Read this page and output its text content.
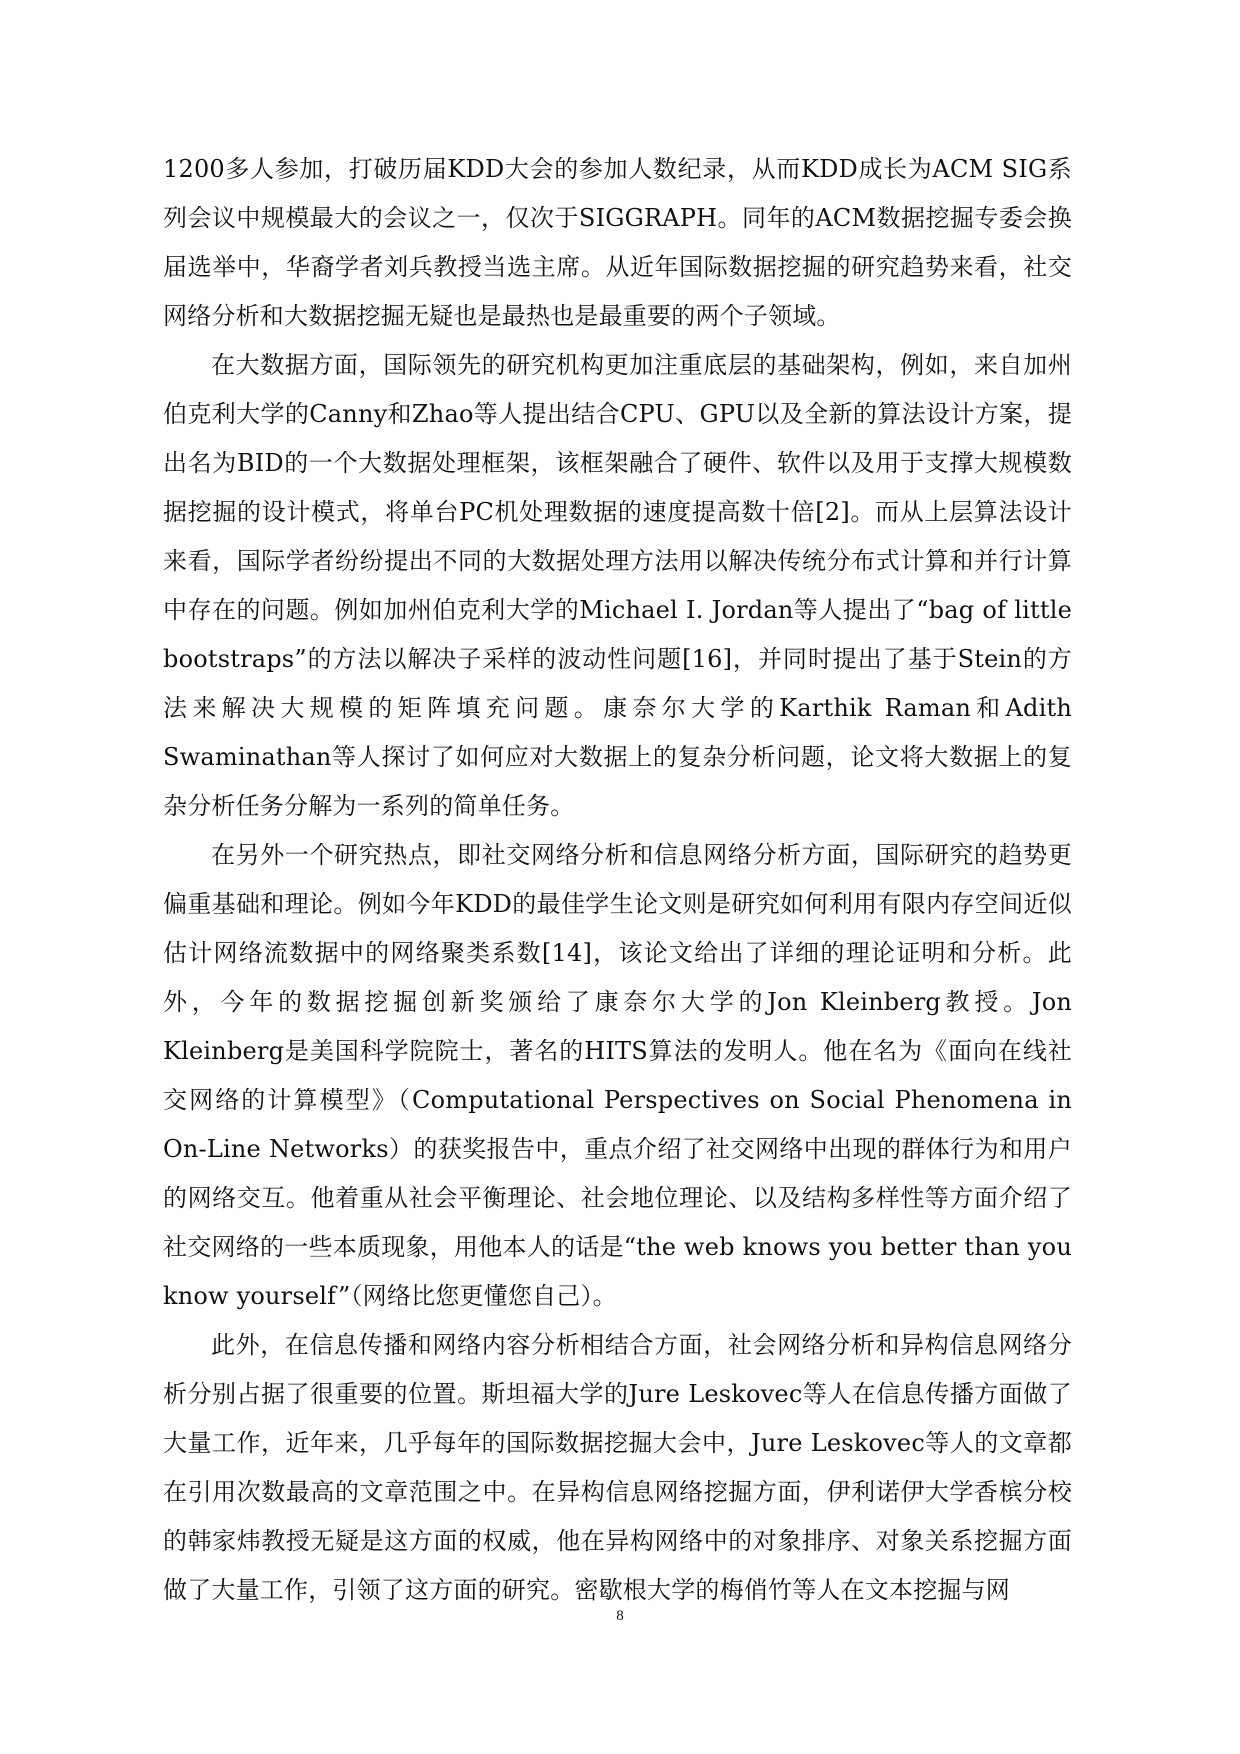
1200多人参加，打破历届KDD大会的参加人数纪录，从而KDD成长为ACM SIG系列会议中规模最大的会议之一，仅次于SIGGRAPH。同年的ACM数据挖掘专委会换届选举中，华裔学者刘兵教授当选主席。从近年国际数据挖掘的研究趋势来看，社交网络分析和大数据挖掘无疑也是最热也是最重要的两个子领域。

在大数据方面，国际领先的研究机构更加注重底层的基础架构，例如，来自加州伯克利大学的Canny和Zhao等人提出结合CPU、GPU以及全新的算法设计方案，提出名为BID的一个大数据处理框架，该框架融合了硬件、软件以及用于支撑大规模数据挖掘的设计模式，将单台PC机处理数据的速度提高数十倍[2]。而从上层算法设计来看，国际学者纷纷提出不同的大数据处理方法用以解决传统分布式计算和并行计算中存在的问题。例如加州伯克利大学的Michael I. Jordan等人提出了“bag of little bootstraps”的方法以解决子采样的波动性问题[16]，并同时提出了基于Stein的方法来解决大规模的矩阵填充问题。康奈尔大学的Karthik Raman和Adith Swaminathan等人探讨了如何应对大数据上的复杂分析问题，论文将大数据上的复杂分析任务分解为一系列的简单任务。

在另外一个研究热点，即社交网络分析和信息网络分析方面，国际研究的趋势更偏重基础和理论。例如今年KDD的最佳学生论文则是研究如何利用有限内存空间近似估计网络流数据中的网络聚类系数[14]，该论文给出了详细的理论证明和分析。此外，今年的数据挖掘创新奖颁给了康奈尔大学的Jon Kleinberg教授。Jon Kleinberg是美国科学院院士，著名的HITS算法的发明人。他在名为《面向在线社交网络的计算模型》（Computational Perspectives on Social Phenomena in On-Line Networks）的获奖报告中，重点介绍了社交网络中出现的群体行为和用户的网络交互。他着重从社会平衡理论、社会地位理论、以及结构多样性等方面介绍了社交网络的一些本质现象，用他本人的话是“the web knows you better than you know yourself”（网络比您更懂您自己）。

此外，在信息传播和网络内容分析相结合方面，社会网络分析和异构信息网络分析分别占据了很重要的位置。斯坦福大学的Jure Leskovec等人在信息传播方面做了大量工作，近年来，几乎每年的国际数据挖掘大会中，Jure Leskovec等人的文章都在引用次数最高的文章范围之中。在异构信息网络挖掘方面，伊利诺伊大学香槟分校的韩家炜教授无疑是这方面的权威，他在异构网络中的对象排序、对象关系挖掘方面做了大量工作，引领了这方面的研究。密歇根大学的梅俏竹等人在文本挖掘与网

8
